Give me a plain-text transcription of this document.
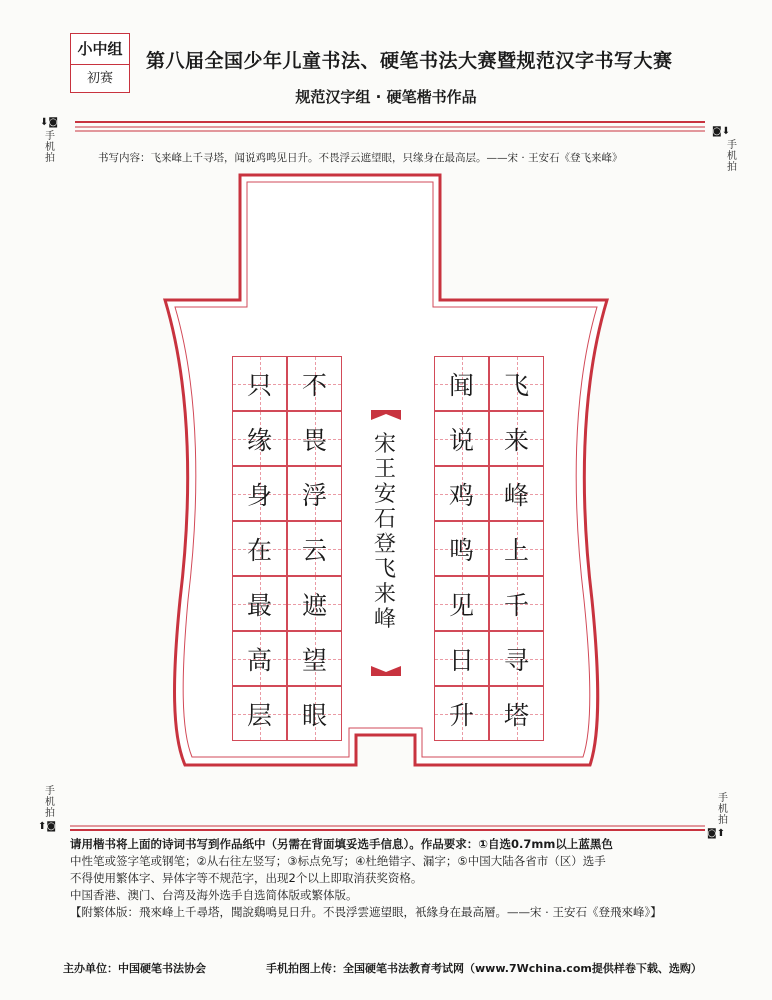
小中组
初赛
第八届全国少年儿童书法、硬笔书法大赛暨规范汉字书写大赛
规范汉字组 · 硬笔楷书作品
⬇◙
手
机
拍
◙⬇
手
机
拍
手
机
拍
⬆◙
手
机
拍
◙⬆
书写内容：飞来峰上千寻塔，闻说鸡鸣见日升。不畏浮云遮望眼，只缘身在最高层。——宋 · 王安石《登飞来峰》
闻	飞
说	来
鸡	峰
鸣	上
见	千
日	寻
升	塔
只	不
缘	畏
身	浮
在	云
最	遮
高	望
层	眼
宋
王
安
石
登
飞
来
峰

请用楷书将上面的诗词书写到作品纸中（另需在背面填妥选手信息）。作品要求：①自选0.7mm以上蓝黑色

中性笔或签字笔或钢笔；②从右往左竖写；③标点免写；④杜绝错字、漏字；⑤中国大陆各省市（区）选手

不得使用繁体字、异体字等不规范字，出现2个以上即取消获奖资格。

中国香港、澳门、台湾及海外选手自选简体版或繁体版。

【附繁体版：飛來峰上千尋塔，聞說鷄鳴見日升。不畏浮雲遮望眼，衹緣身在最高層。——宋 · 王安石《登飛來峰》】

主办单位：中国硬笔书法协会	手机拍图上传：全国硬笔书法教育考试网（www.7Wchina.com提供样卷下载、选购）
